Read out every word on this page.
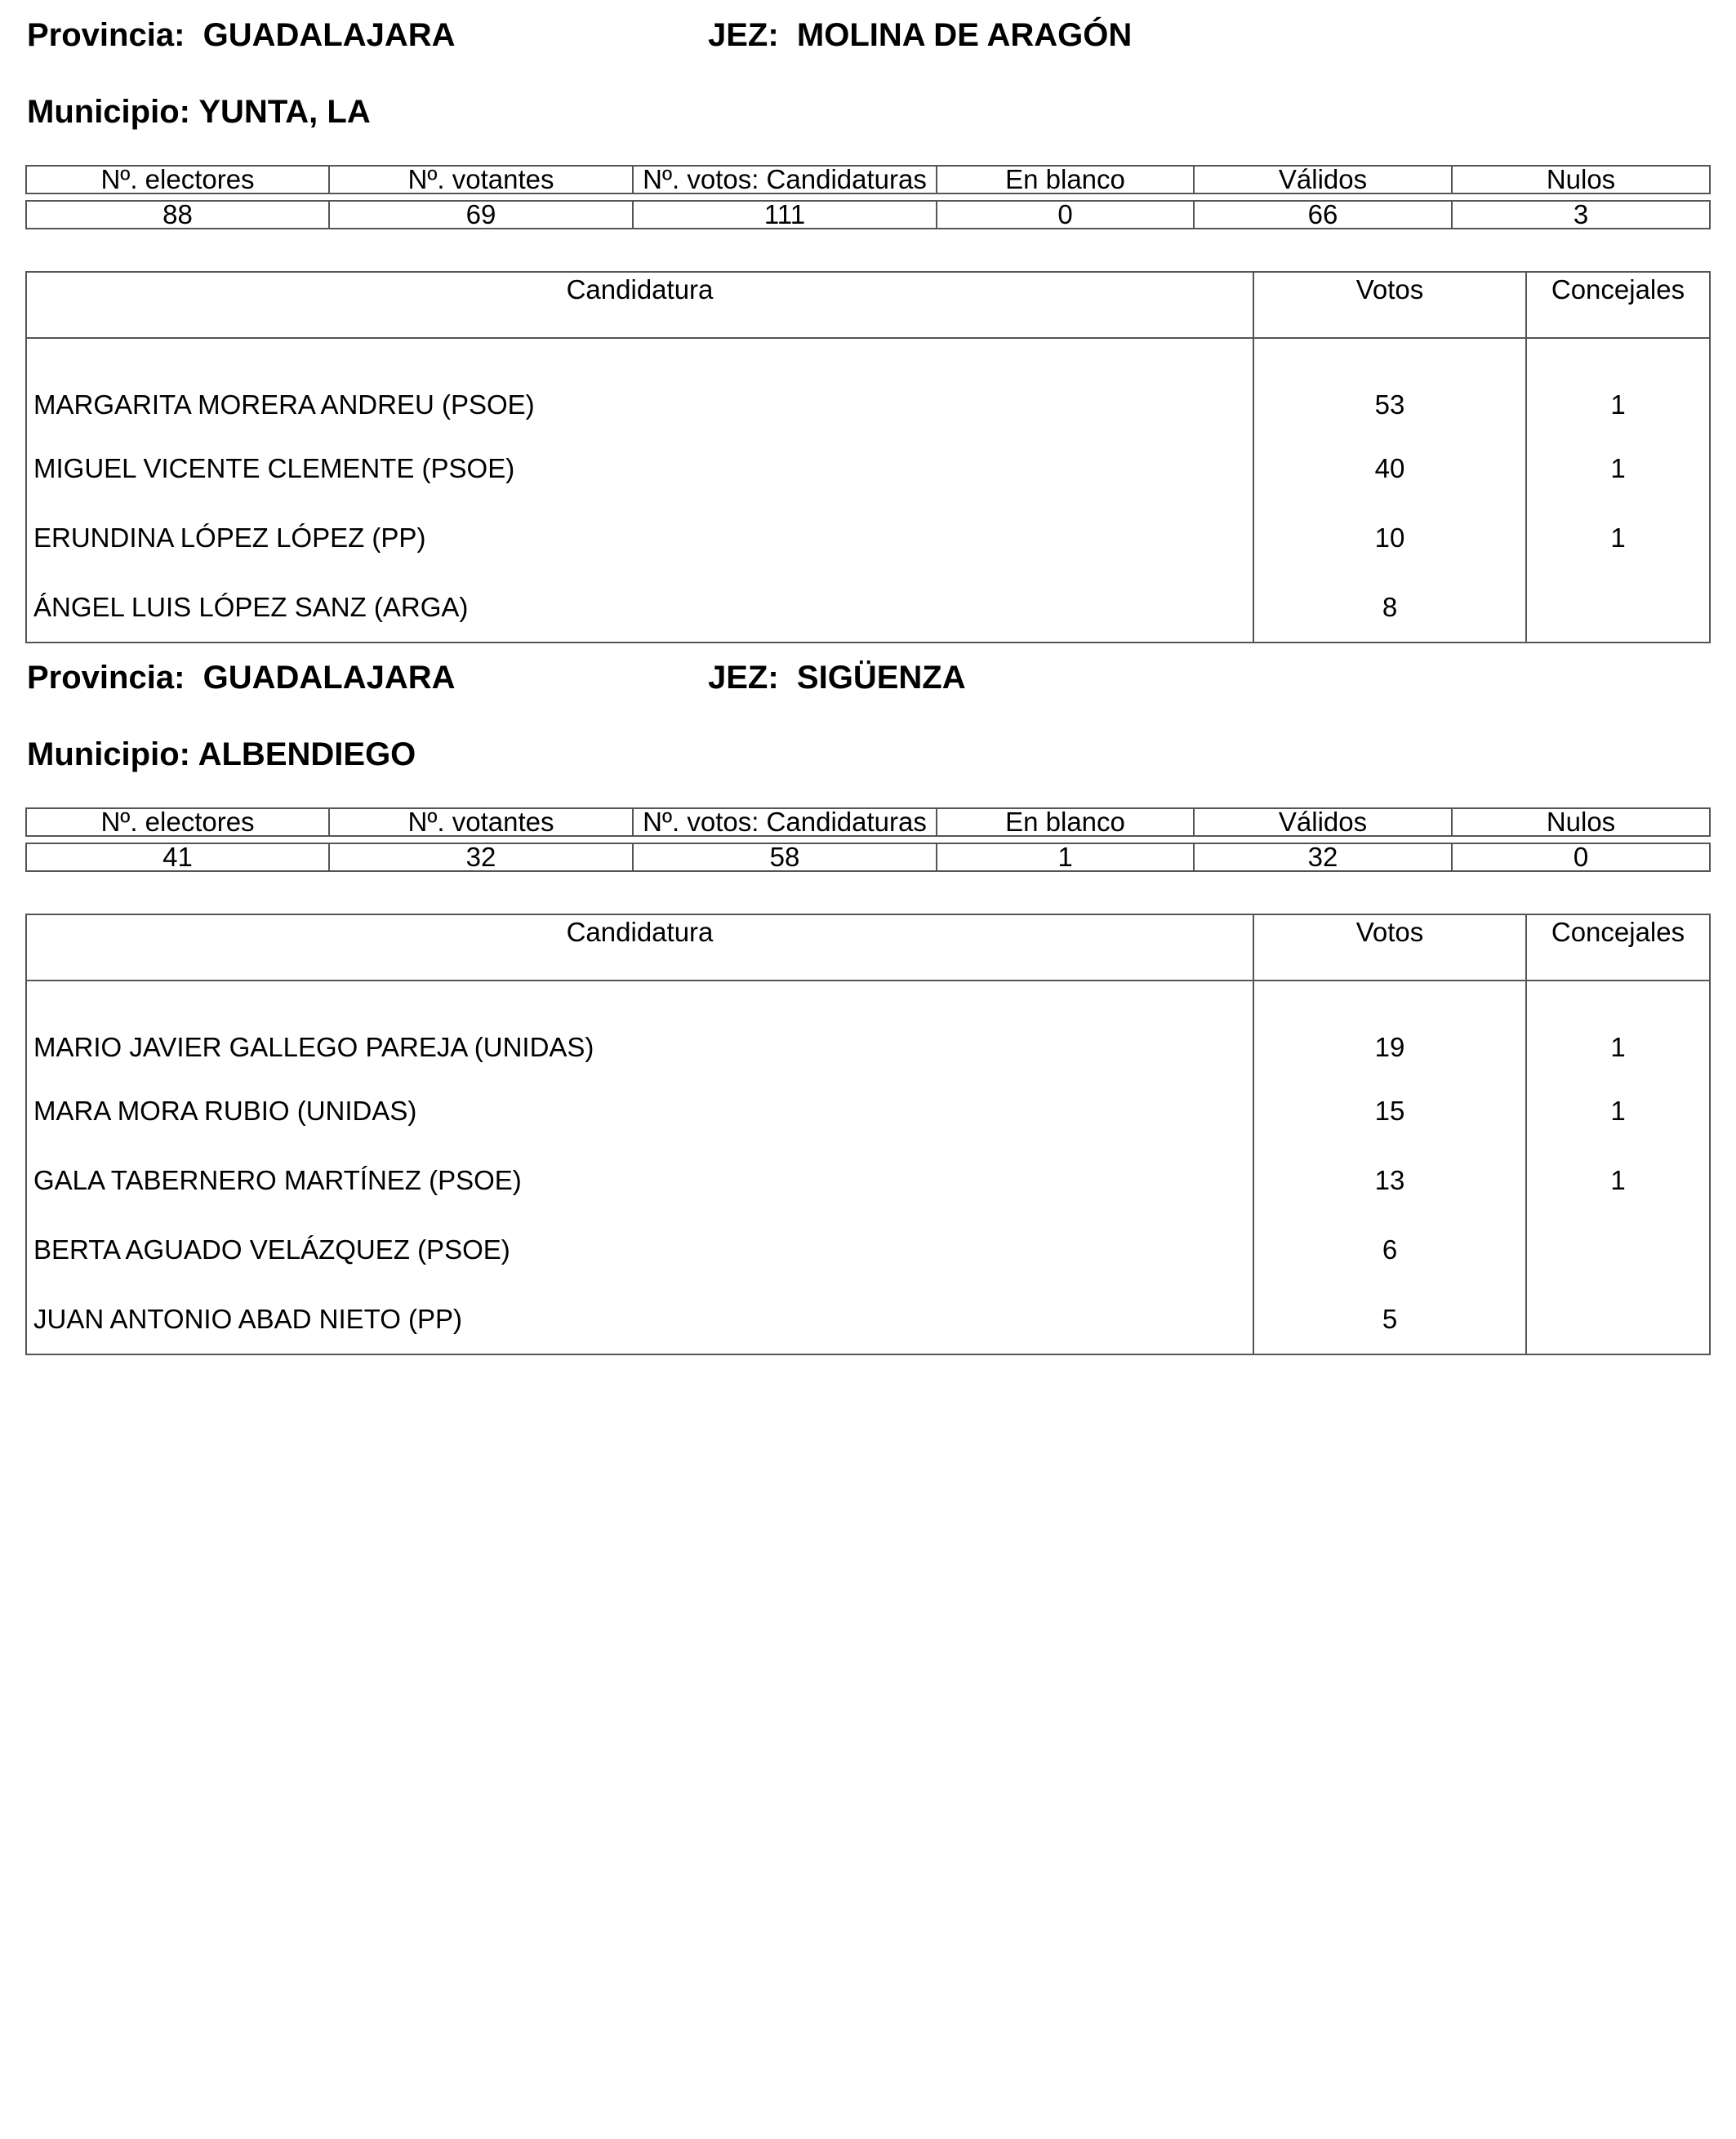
Provincia: GUADALAJARA	JEZ: MOLINA DE ARAGÓN
Municipio: YUNTA, LA
Nº. electores	Nº. votantes	Nº. votos: Candidaturas	En blanco	Válidos	Nulos
88	69	111	0	66	3
Candidatura	Votos	Concejales
MARGARITA MORERA ANDREU (PSOE)	53	1
MIGUEL VICENTE CLEMENTE (PSOE)	40	1
ERUNDINA LÓPEZ LÓPEZ (PP)	10	1
ÁNGEL LUIS LÓPEZ SANZ (ARGA)	8	
Provincia: GUADALAJARA	JEZ: SIGÜENZA
Municipio: ALBENDIEGO
Nº. electores	Nº. votantes	Nº. votos: Candidaturas	En blanco	Válidos	Nulos
41	32	58	1	32	0
Candidatura	Votos	Concejales
MARIO JAVIER GALLEGO PAREJA (UNIDAS)	19	1
MARA MORA RUBIO (UNIDAS)	15	1
GALA TABERNERO MARTÍNEZ (PSOE)	13	1
BERTA AGUADO VELÁZQUEZ (PSOE)	6	
JUAN ANTONIO ABAD NIETO (PP)	5	
